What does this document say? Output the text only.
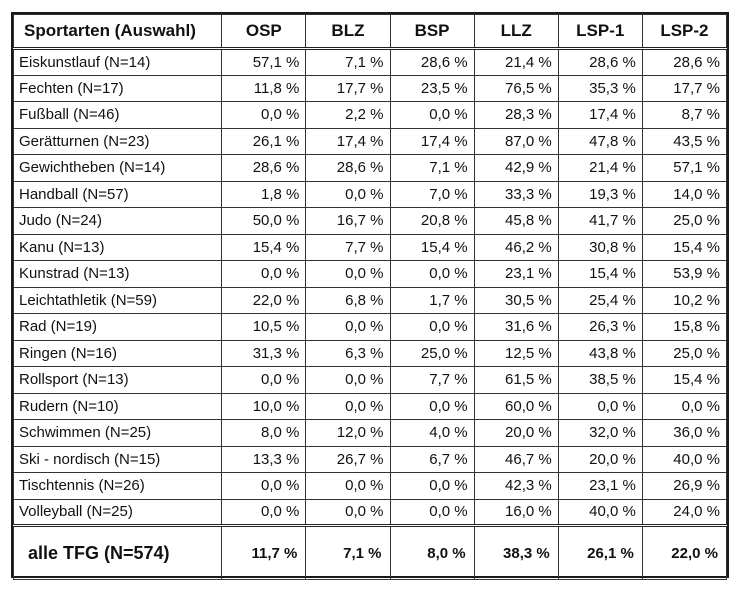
Sportarten (Auswahl)	OSP	BLZ	BSP	LLZ	LSP-1	LSP-2
Eiskunstlauf (N=14)	57,1 %	7,1 %	28,6 %	21,4 %	28,6 %	28,6 %
Fechten (N=17)	11,8 %	17,7 %	23,5 %	76,5 %	35,3 %	17,7 %
Fußball (N=46)	0,0 %	2,2 %	0,0 %	28,3 %	17,4 %	8,7 %
Gerätturnen (N=23)	26,1 %	17,4 %	17,4 %	87,0 %	47,8 %	43,5 %
Gewichtheben (N=14)	28,6 %	28,6 %	7,1 %	42,9 %	21,4 %	57,1 %
Handball (N=57)	1,8 %	0,0 %	7,0 %	33,3 %	19,3 %	14,0 %
Judo (N=24)	50,0 %	16,7 %	20,8 %	45,8 %	41,7 %	25,0 %
Kanu (N=13)	15,4 %	7,7 %	15,4 %	46,2 %	30,8 %	15,4 %
Kunstrad (N=13)	0,0 %	0,0 %	0,0 %	23,1 %	15,4 %	53,9 %
Leichtathletik (N=59)	22,0 %	6,8 %	1,7 %	30,5 %	25,4 %	10,2 %
Rad (N=19)	10,5 %	0,0 %	0,0 %	31,6 %	26,3 %	15,8 %
Ringen (N=16)	31,3 %	6,3 %	25,0 %	12,5 %	43,8 %	25,0 %
Rollsport (N=13)	0,0 %	0,0 %	7,7 %	61,5 %	38,5 %	15,4 %
Rudern (N=10)	10,0 %	0,0 %	0,0 %	60,0 %	0,0 %	0,0 %
Schwimmen (N=25)	8,0 %	12,0 %	4,0 %	20,0 %	32,0 %	36,0 %
Ski - nordisch (N=15)	13,3 %	26,7 %	6,7 %	46,7 %	20,0 %	40,0 %
Tischtennis (N=26)	0,0 %	0,0 %	0,0 %	42,3 %	23,1 %	26,9 %
Volleyball (N=25)	0,0 %	0,0 %	0,0 %	16,0 %	40,0 %	24,0 %
alle TFG (N=574)	11,7 %	7,1 %	8,0 %	38,3 %	26,1 %	22,0 %
